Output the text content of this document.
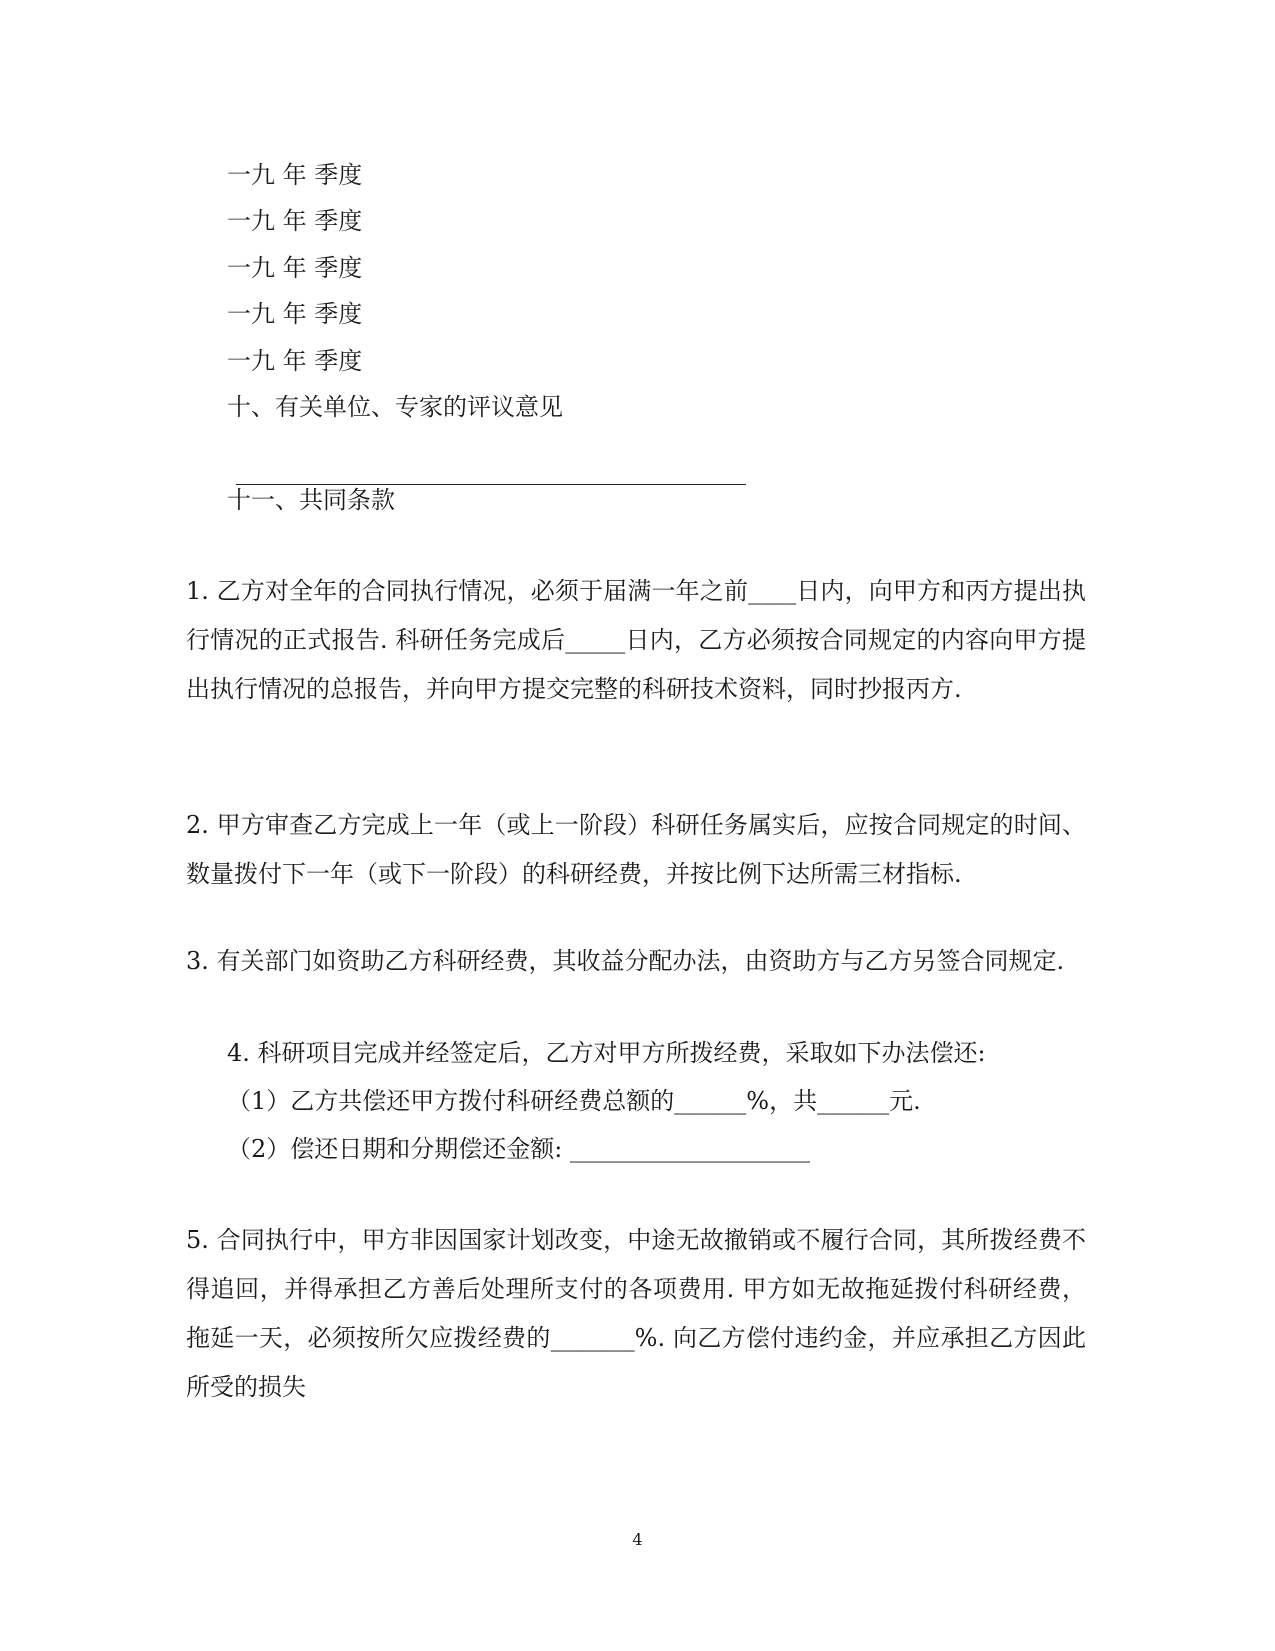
一九 年 季度
一九 年 季度
一九 年 季度
一九 年 季度
一九 年 季度
十、有关单位、专家的评议意见
十一、共同条款
1. 乙方对全年的合同执行情况，必须于届满一年之前____日内，向甲方和丙方提出执行情况的正式报告. 科研任务完成后_____日内，乙方必须按合同规定的内容向甲方提出执行情况的总报告，并向甲方提交完整的科研技术资料，同时抄报丙方.
2. 甲方审查乙方完成上一年（或上一阶段）科研任务属实后，应按合同规定的时间、数量拨付下一年（或下一阶段）的科研经费，并按比例下达所需三材指标.
3. 有关部门如资助乙方科研经费，其收益分配办法，由资助方与乙方另签合同规定.
4. 科研项目完成并经签定后，乙方对甲方所拨经费，采取如下办法偿还:
（1）乙方共偿还甲方拨付科研经费总额的______%，共______元.
（2）偿还日期和分期偿还金额: ____________________
5. 合同执行中，甲方非因国家计划改变，中途无故撤销或不履行合同，其所拨经费不得追回，并得承担乙方善后处理所支付的各项费用. 甲方如无故拖延拨付科研经费，拖延一天，必须按所欠应拨经费的_______%. 向乙方偿付违约金，并应承担乙方因此所受的损失
4
